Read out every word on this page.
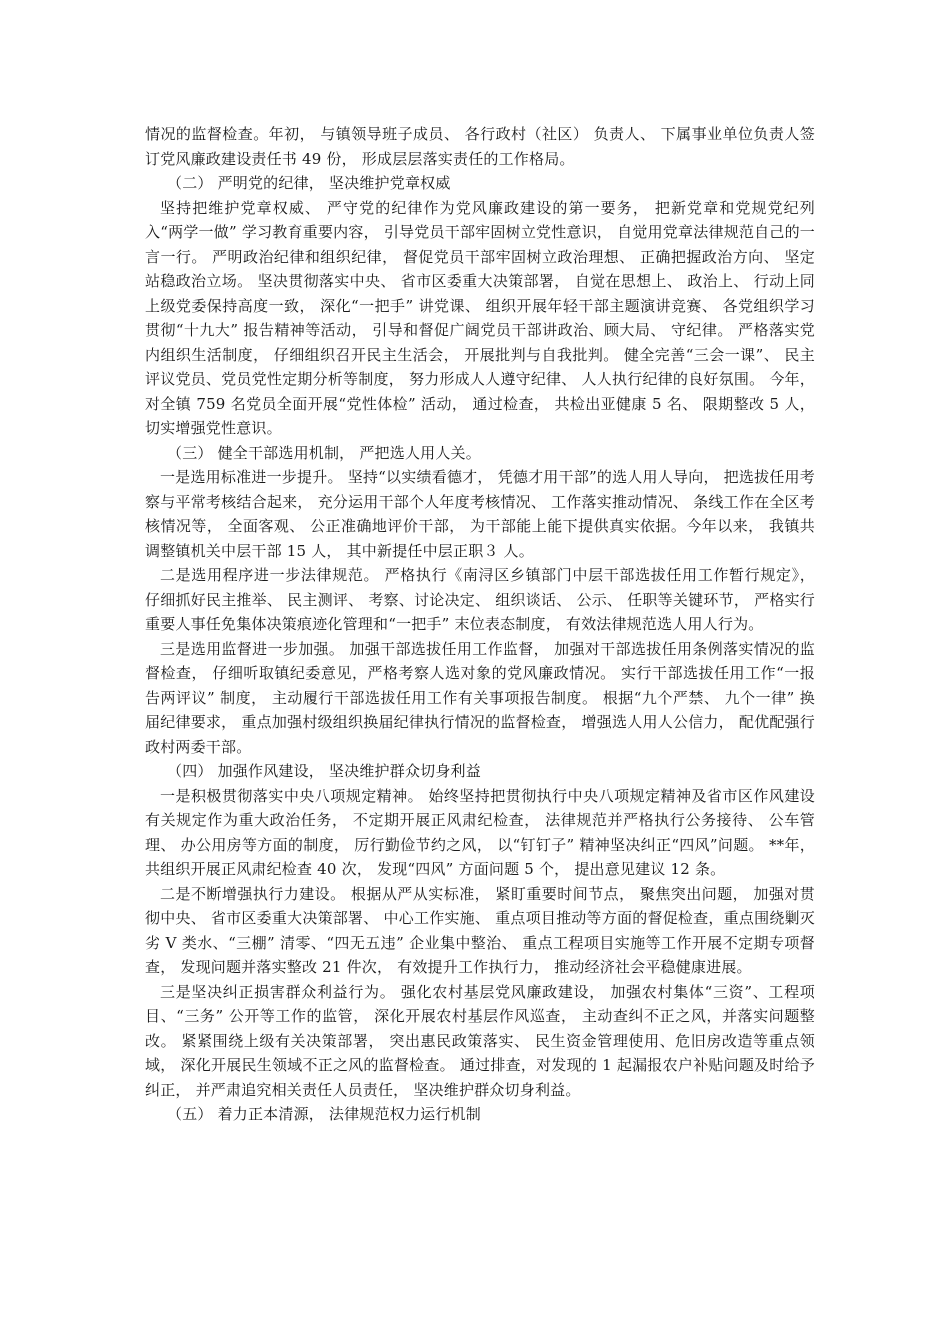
情况的监督检查。年初， 与镇领导班子成员、 各行政村（社区） 负责人、 下属事业单位负责人签订党风廉政建设责任书 49 份， 形成层层落实责任的工作格局。

（二） 严明党的纪律， 坚决维护党章权威

坚持把维护党章权威、 严守党的纪律作为党风廉政建设的第一要务， 把新党章和党规党纪列入“两学一做” 学习教育重要内容， 引导党员干部牢固树立党性意识， 自觉用党章法律规范自己的一言一行。 严明政治纪律和组织纪律， 督促党员干部牢固树立政治理想、 正确把握政治方向、 坚定站稳政治立场。 坚决贯彻落实中央、 省市区委重大决策部署， 自觉在思想上、 政治上、 行动上同上级党委保持高度一致， 深化“一把手” 讲党课、 组织开展年轻干部主题演讲竞赛、 各党组织学习贯彻“十九大” 报告精神等活动， 引导和督促广阔党员干部讲政治、顾大局、 守纪律。 严格落实党内组织生活制度， 仔细组织召开民主生活会， 开展批判与自我批判。 健全完善“三会一课”、 民主评议党员、党员党性定期分析等制度， 努力形成人人遵守纪律、 人人执行纪律的良好氛围。 今年， 对全镇 759 名党员全面开展“党性体检” 活动， 通过检查， 共检出亚健康 5 名、 限期整改 5 人， 切实增强党性意识。

（三） 健全干部选用机制， 严把选人用人关。

一是选用标准进一步提升。 坚持“以实绩看德才， 凭德才用干部”的选人用人导向， 把选拔任用考察与平常考核结合起来， 充分运用干部个人年度考核情况、 工作落实推动情况、 条线工作在全区考核情况等， 全面客观、 公正准确地评价干部， 为干部能上能下提供真实依据。今年以来， 我镇共调整镇机关中层干部 15 人， 其中新提任中层正职３ 人。

二是选用程序进一步法律规范。 严格执行《南浔区乡镇部门中层干部选拔任用工作暂行规定》， 仔细抓好民主推举、 民主测评、 考察、讨论决定、 组织谈话、 公示、 任职等关键环节， 严格实行重要人事任免集体决策痕迹化管理和“一把手” 末位表态制度， 有效法律规范选人用人行为。

三是选用监督进一步加强。 加强干部选拔任用工作监督， 加强对干部选拔任用条例落实情况的监督检查， 仔细听取镇纪委意见，严格考察人选对象的党风廉政情况。 实行干部选拔任用工作“一报告两评议” 制度， 主动履行干部选拔任用工作有关事项报告制度。 根据“九个严禁、 九个一律” 换届纪律要求， 重点加强村级组织换届纪律执行情况的监督检查， 增强选人用人公信力， 配优配强行政村两委干部。

（四） 加强作风建设， 坚决维护群众切身利益

一是积极贯彻落实中央八项规定精神。 始终坚持把贯彻执行中央八项规定精神及省市区作风建设有关规定作为重大政治任务， 不定期开展正风肃纪检查， 法律规范并严格执行公务接待、 公车管理、 办公用房等方面的制度， 厉行勤俭节约之风， 以“钉钉子” 精神坚决纠正“四风”问题。 **年， 共组织开展正风肃纪检查 40 次， 发现“四风” 方面问题 5 个， 提出意见建议 12 条。

二是不断增强执行力建设。 根据从严从实标准， 紧盯重要时间节点， 聚焦突出问题， 加强对贯彻中央、 省市区委重大决策部署、 中心工作实施、 重点项目推动等方面的督促检查，重点围绕剿灭劣 V 类水、“三棚” 清零、“四无五违” 企业集中整治、 重点工程项目实施等工作开展不定期专项督查， 发现问题并落实整改 21 件次， 有效提升工作执行力， 推动经济社会平稳健康进展。

三是坚决纠正损害群众利益行为。 强化农村基层党风廉政建设， 加强农村集体“三资”、工程项目、“三务” 公开等工作的监管， 深化开展农村基层作风巡查， 主动查纠不正之风，并落实问题整改。 紧紧围绕上级有关决策部署， 突出惠民政策落实、 民生资金管理使用、危旧房改造等重点领域， 深化开展民生领域不正之风的监督检查。 通过排查，对发现的 1 起漏报农户补贴问题及时给予纠正， 并严肃追究相关责任人员责任， 坚决维护群众切身利益。

（五） 着力正本清源， 法律规范权力运行机制
